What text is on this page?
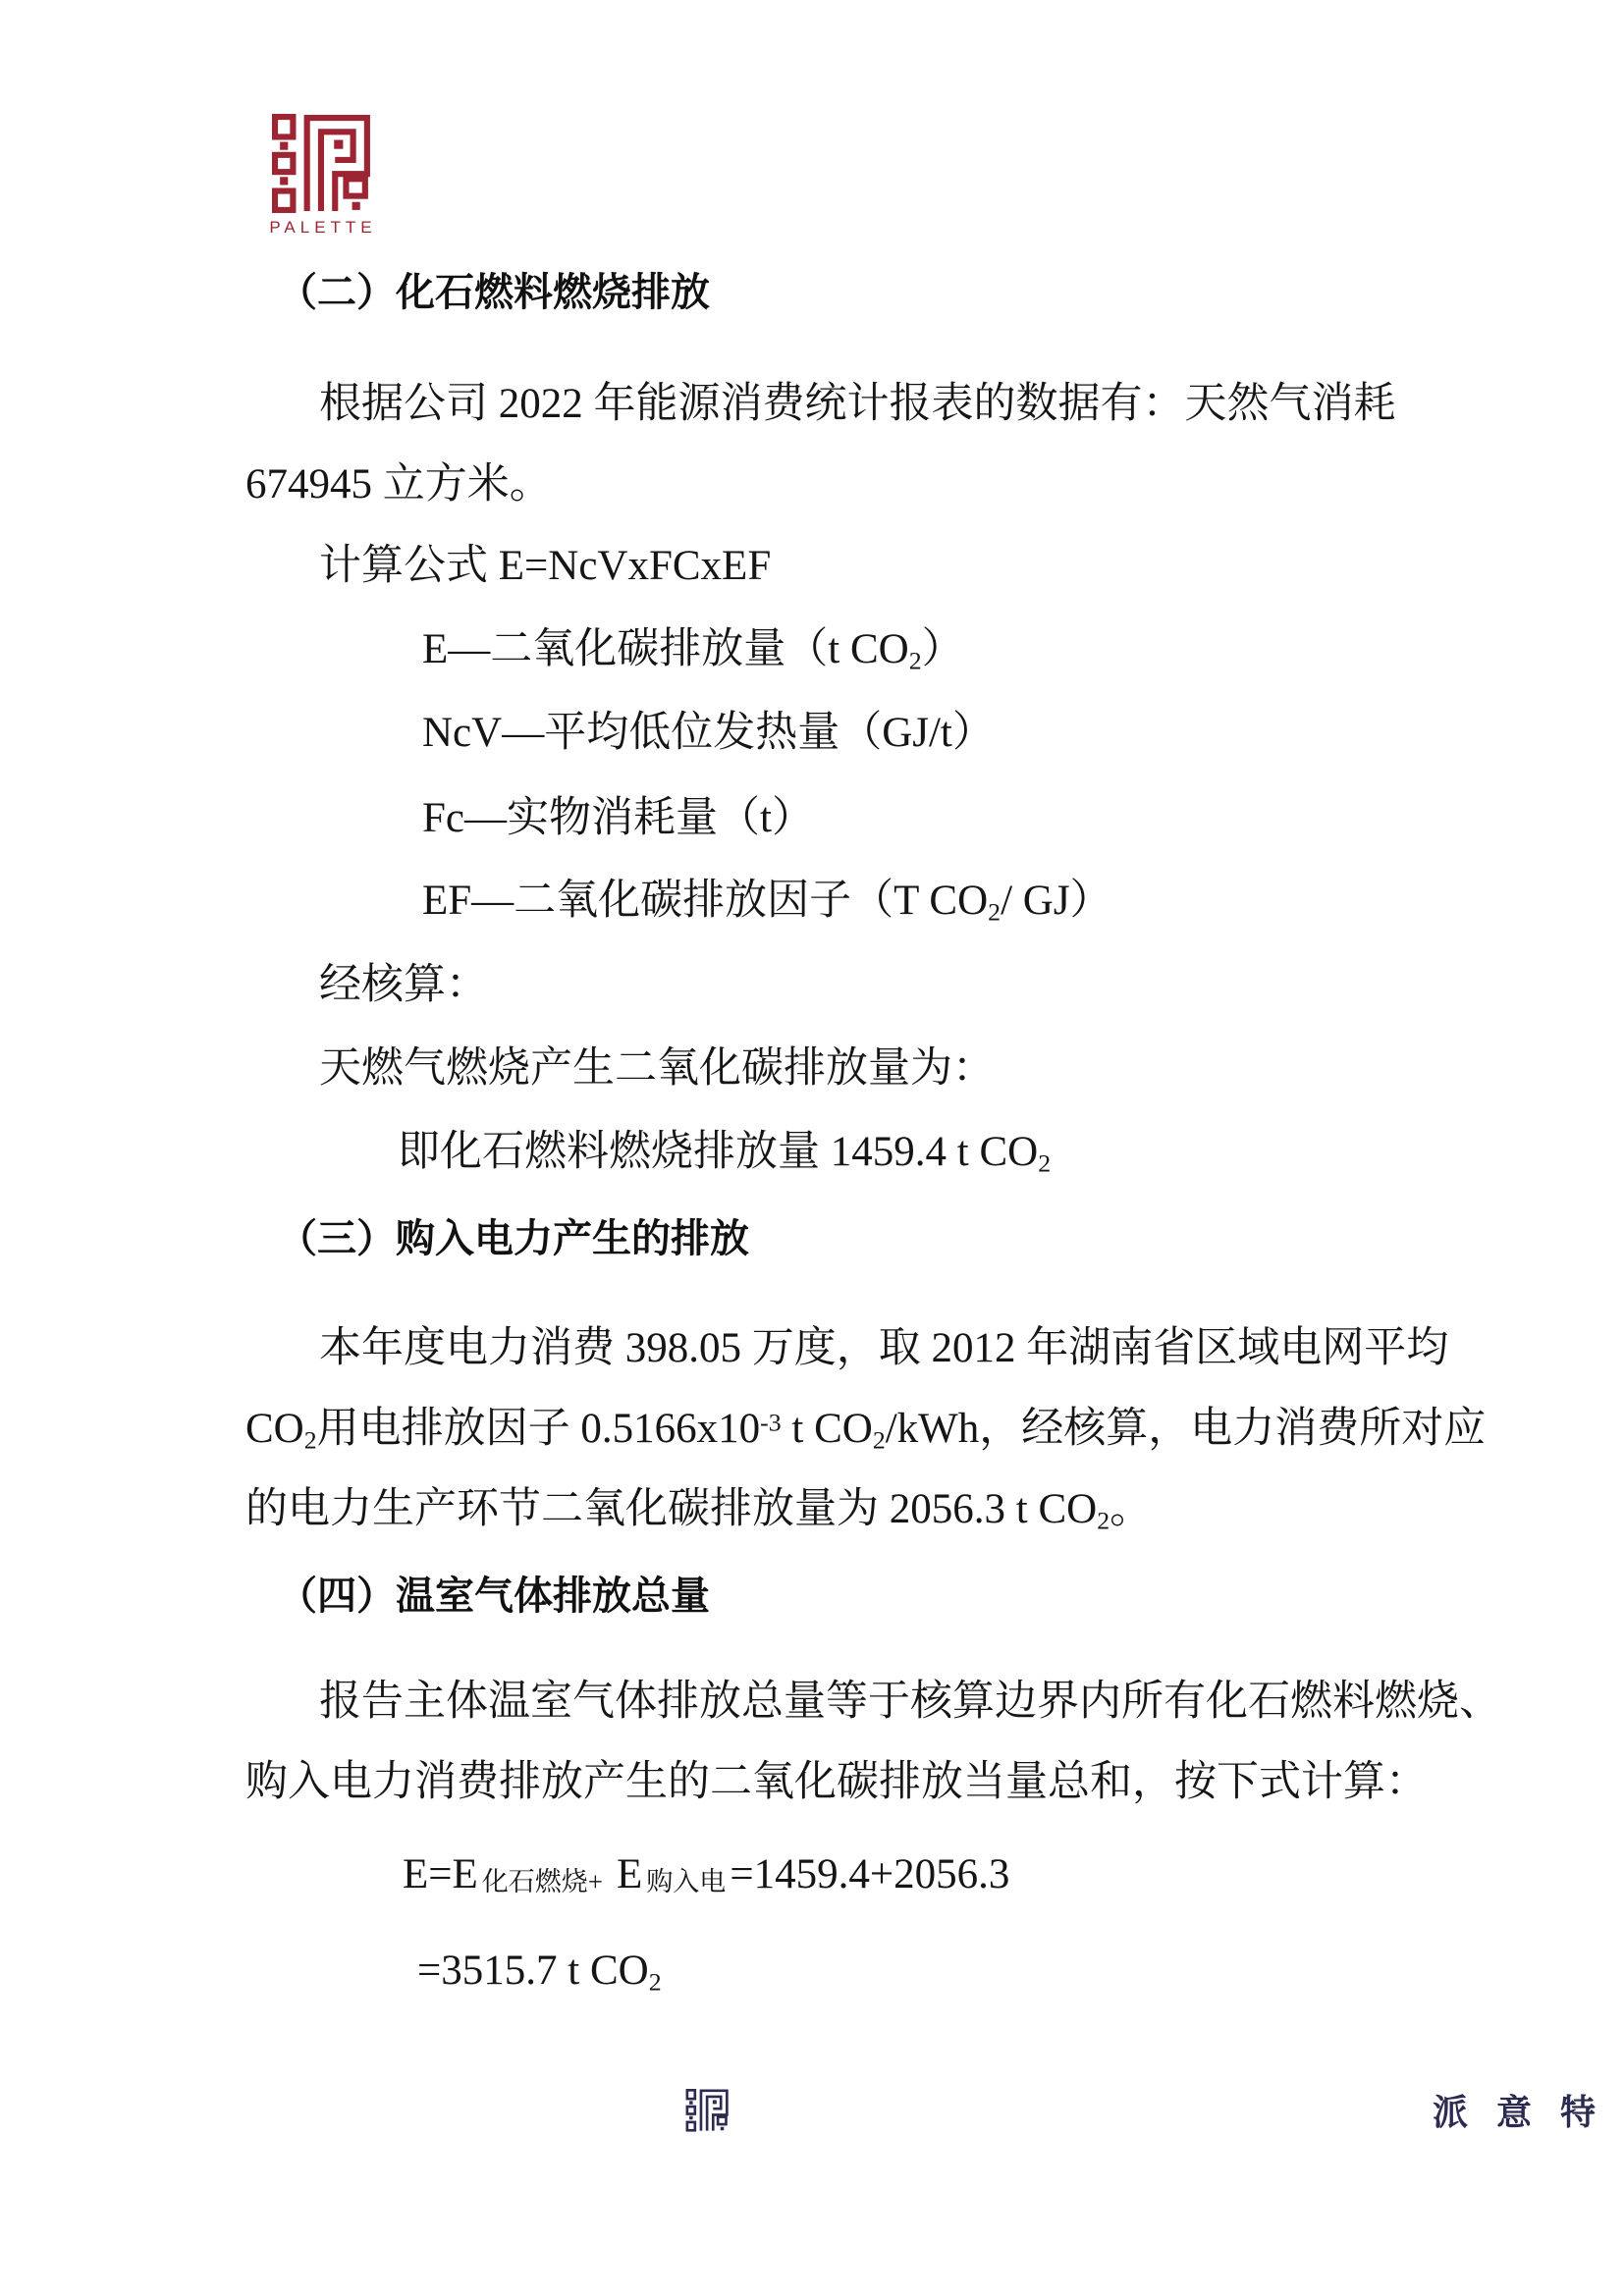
PALETTE
（二）化石燃料燃烧排放
根据公司 2022 年能源消费统计报表的数据有：天然气消耗
674945 立方米。
计算公式 E=NcVxFCxEF
E—二氧化碳排放量（t $CO_2$）
NcV—平均低位发热量（GJ/t）
Fc—实物消耗量（t）
EF—二氧化碳排放因子（T $CO_2/$ GJ）
经核算：
天燃气燃烧产生二氧化碳排放量为：
即化石燃料燃烧排放量 1459.4 t $CO_2$
（三）购入电力产生的排放
本年度电力消费 398.05 万度，取 2012 年湖南省区域电网平均
$CO_2$用电排放因子 $0.5166x10^{-3}$ t $CO_2$/kWh，经核算，电力消费所对应
的电力生产环节二氧化碳排放量为 2056.3 t $CO_2$。
（四）温室气体排放总量
报告主体温室气体排放总量等于核算边界内所有化石燃料燃烧、
购入电力消费排放产生的二氧化碳排放当量总和，按下式计算：
E=E 化石燃烧+ E 购入电=1459.4+2056.3
=3515.7 t $CO_2$
派意特
